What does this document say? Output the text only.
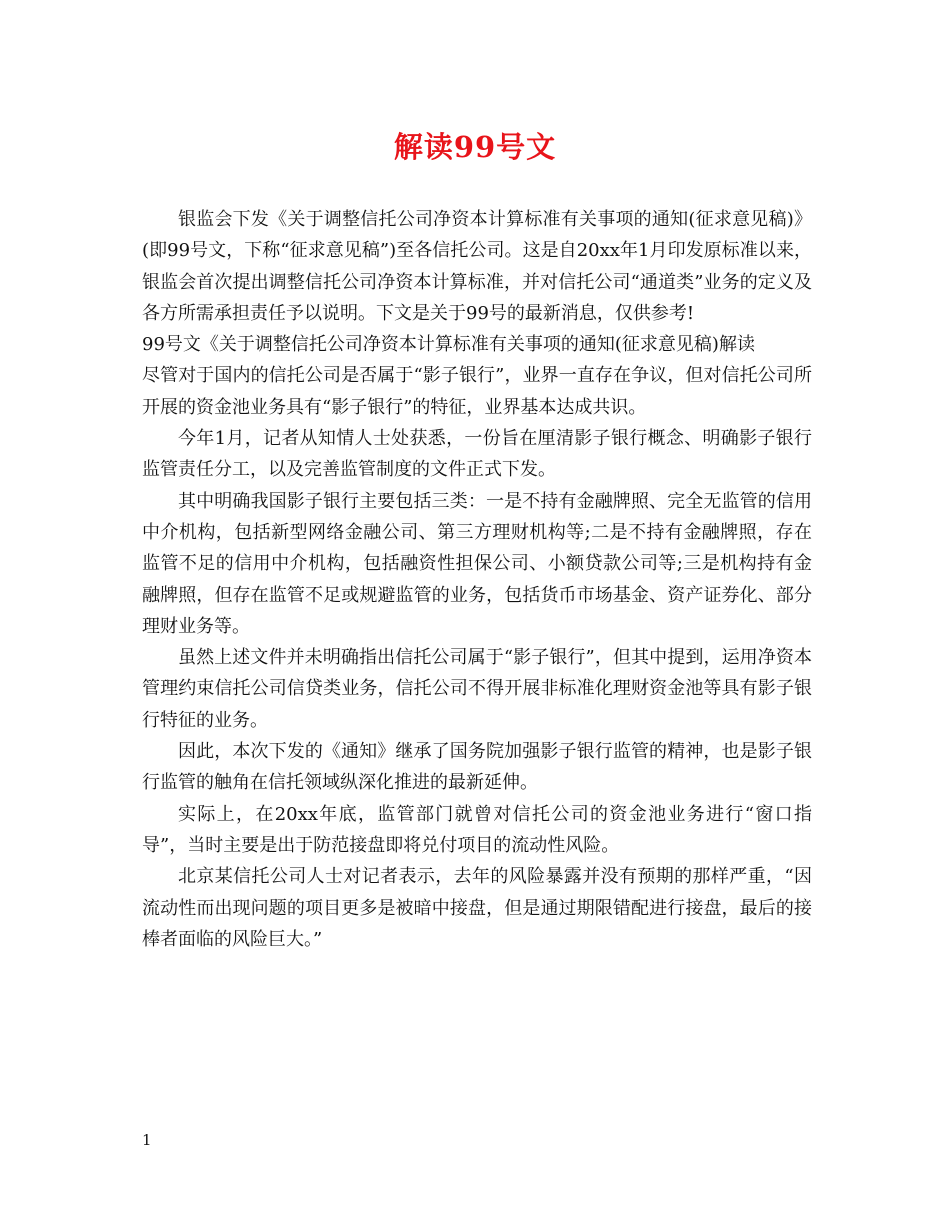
解读99号文

银监会下发《关于调整信托公司净资本计算标准有关事项的通知(征求意见稿)》(即99号文，下称“征求意见稿”)至各信托公司。这是自20xx年1月印发原标准以来，银监会首次提出调整信托公司净资本计算标准，并对信托公司“通道类”业务的定义及各方所需承担责任予以说明。下文是关于99号的最新消息，仅供参考!

99号文《关于调整信托公司净资本计算标准有关事项的通知(征求意见稿)解读

尽管对于国内的信托公司是否属于“影子银行”，业界一直存在争议，但对信托公司所开展的资金池业务具有“影子银行”的特征，业界基本达成共识。

今年1月，记者从知情人士处获悉，一份旨在厘清影子银行概念、明确影子银行监管责任分工，以及完善监管制度的文件正式下发。

其中明确我国影子银行主要包括三类：一是不持有金融牌照、完全无监管的信用中介机构，包括新型网络金融公司、第三方理财机构等;二是不持有金融牌照，存在监管不足的信用中介机构，包括融资性担保公司、小额贷款公司等;三是机构持有金融牌照，但存在监管不足或规避监管的业务，包括货币市场基金、资产证券化、部分理财业务等。

虽然上述文件并未明确指出信托公司属于“影子银行”，但其中提到，运用净资本管理约束信托公司信贷类业务，信托公司不得开展非标准化理财资金池等具有影子银行特征的业务。

因此，本次下发的《通知》继承了国务院加强影子银行监管的精神，也是影子银行监管的触角在信托领域纵深化推进的最新延伸。

实际上，在20xx年底，监管部门就曾对信托公司的资金池业务进行“窗口指导”，当时主要是出于防范接盘即将兑付项目的流动性风险。

北京某信托公司人士对记者表示，去年的风险暴露并没有预期的那样严重，“因流动性而出现问题的项目更多是被暗中接盘，但是通过期限错配进行接盘，最后的接棒者面临的风险巨大。”

1
